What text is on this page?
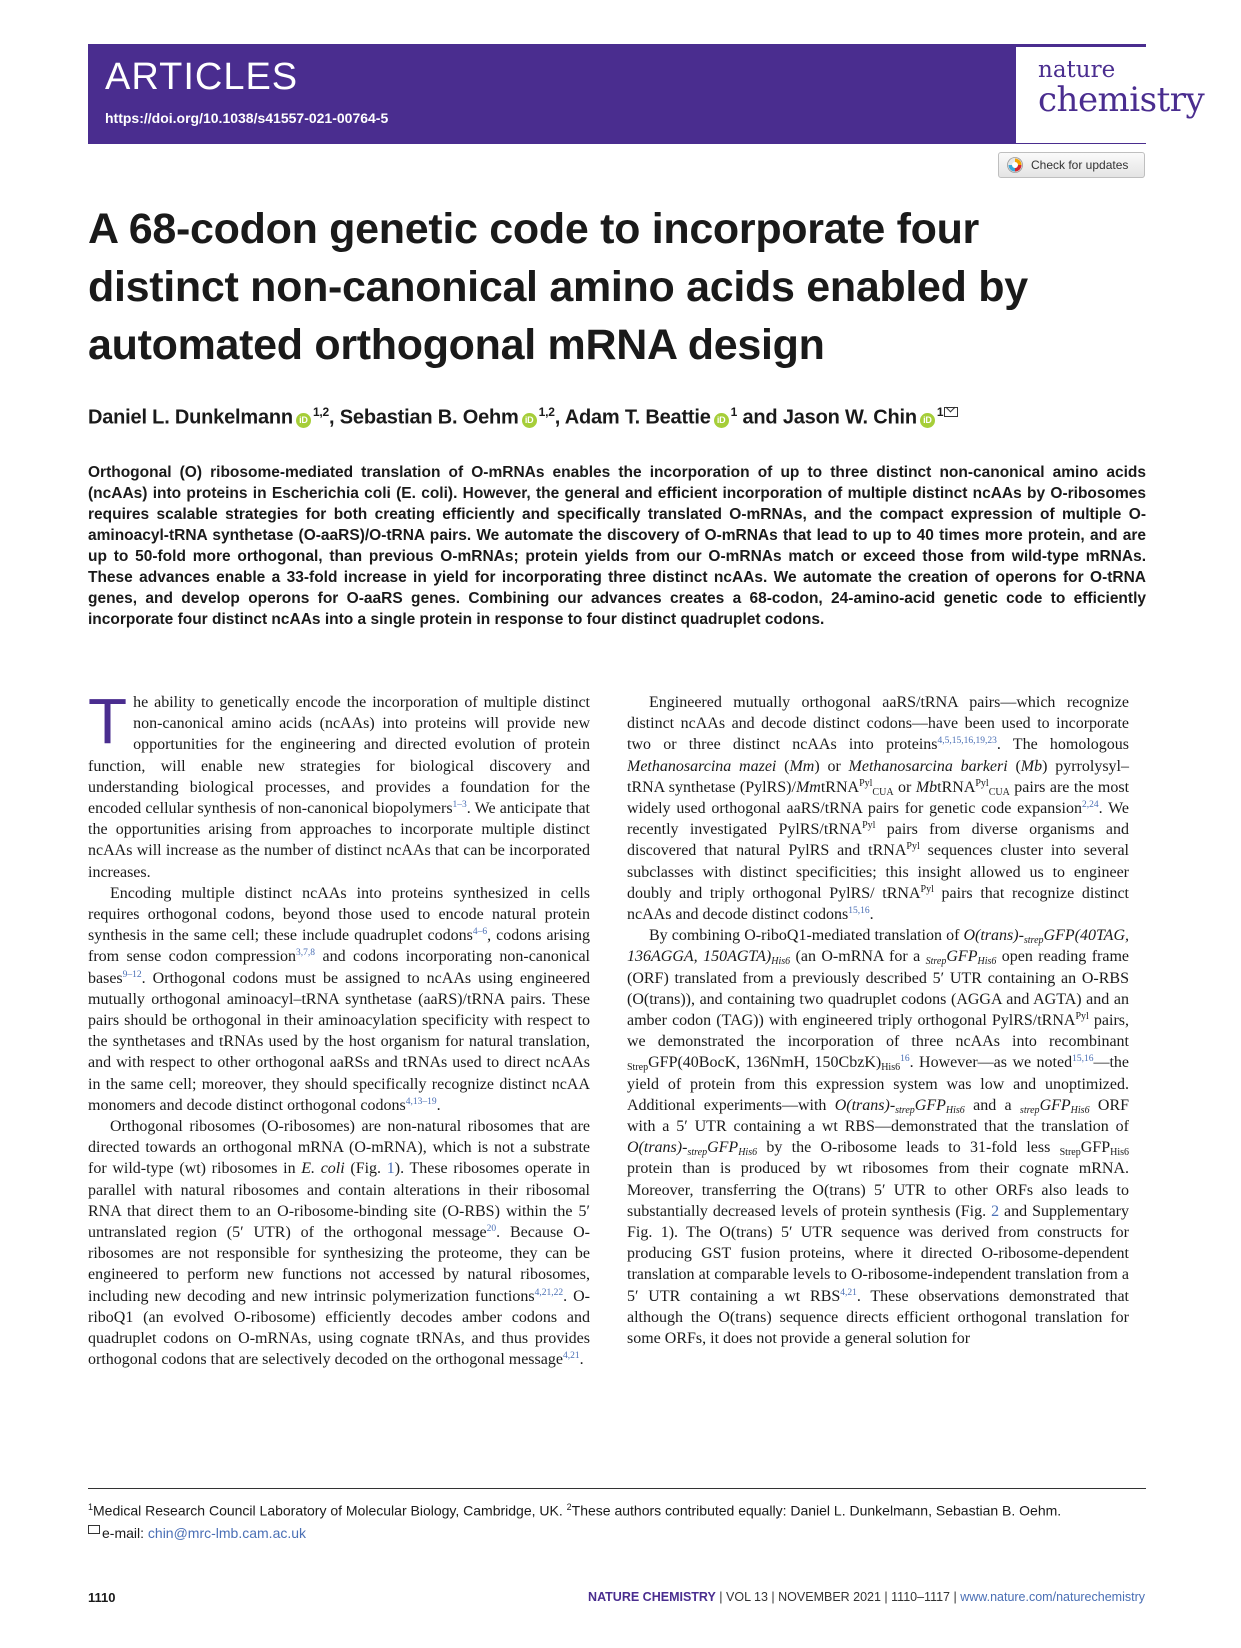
ARTICLES
https://doi.org/10.1038/s41557-021-00764-5
nature
chemistry
Check for updates
A 68-codon genetic code to incorporate four
distinct non-canonical amino acids enabled by
automated orthogonal mRNA design
Daniel L. Dunkelmann iD$^{1,2}$, Sebastian B. Oehm iD$^{1,2}$, Adam T. Beattie $iD^1$ and Jason W. Chin $iD^1$

Orthogonal (O) ribosome-mediated translation of O-mRNAs enables the incorporation of up to three distinct non-canonical amino acids (ncAAs) into proteins in Escherichia coli (E. coli). However, the general and efficient incorporation of multiple distinct ncAAs by O-ribosomes requires scalable strategies for both creating efficiently and specifically translated O-mRNAs, and the compact expression of multiple O-aminoacyl-tRNA synthetase (O-aaRS)/O-tRNA pairs. We automate the discovery of O-mRNAs that lead to up to 40 times more protein, and are up to 50-fold more orthogonal, than previous O-mRNAs; protein yields from our O-mRNAs match or exceed those from wild-type mRNAs. These advances enable a 33-fold increase in yield for incorporating three distinct ncAAs. We automate the creation of operons for O-tRNA genes, and develop operons for O-aaRS genes. Combining our advances creates a 68-codon, 24-amino-acid genetic code to efficiently incorporate four distinct ncAAs into a single protein in response to four distinct quadruplet codons.

The ability to genetically encode the incorporation of multiple distinct non-canonical amino acids (ncAAs) into proteins will provide new opportunities for the engineering and directed evolution of protein function, will enable new strategies for biological discovery and understanding biological processes, and provides a foundation for the encoded cellular synthesis of non-canonical biopolymers$^{1-3}$. We anticipate that the opportunities arising from approaches to incorporate multiple distinct ncAAs will increase as the number of distinct ncAAs that can be incorporated increases.

Encoding multiple distinct ncAAs into proteins synthesized in cells requires orthogonal codons, beyond those used to encode natural protein synthesis in the same cell; these include quadruplet codons$^{4-6}$, codons arising from sense codon compression$^{3,7,8}$ and codons incorporating non-canonical bases$^{9-12}$. Orthogonal codons must be assigned to ncAAs using engineered mutually orthogonal aminoacyl–tRNA synthetase (aaRS)/tRNA pairs. These pairs should be orthogonal in their aminoacylation specificity with respect to the synthetases and tRNAs used by the host organism for natural translation, and with respect to other orthogonal aaRSs and tRNAs used to direct ncAAs in the same cell; moreover, they should specifically recognize distinct ncAA monomers and decode distinct orthogonal codons$^{4,13-19}$.

Orthogonal ribosomes (O-ribosomes) are non-natural ribosomes that are directed towards an orthogonal mRNA (O-mRNA), which is not a substrate for wild-type (wt) ribosomes in E. coli (Fig. 1). These ribosomes operate in parallel with natural ribosomes and contain alterations in their ribosomal RNA that direct them to an O-ribosome-binding site (O-RBS) within the 5′ untranslated region (5′ UTR) of the orthogonal message$^{20}$. Because O-ribosomes are not responsible for synthesizing the proteome, they can be engineered to perform new functions not accessed by natural ribosomes, including new decoding and new intrinsic polymerization functions$^{4,21,22}$. O-riboQ1 (an evolved O-ribosome) efficiently decodes amber codons and quadruplet codons on O-mRNAs, using cognate tRNAs, and thus provides orthogonal codons that are selectively decoded on the orthogonal message$^{4,21}$.

Engineered mutually orthogonal aaRS/tRNA pairs—which recognize distinct ncAAs and decode distinct codons—have been used to incorporate two or three distinct ncAAs into proteins$^{4,5,15,16,19,23}$. The homologous Methanosarcina mazei (Mm) or Methanosarcina barkeri (Mb) pyrrolysyl–tRNA synthetase (PylRS)/MmtRNA$^{Pyl}_{CUA}$ or MbtRNA$^{Pyl}_{CUA}$ pairs are the most widely used orthogonal aaRS/tRNA pairs for genetic code expansion$^{2,24}$. We recently investigated PylRS/tRNA$^{Pyl}$ pairs from diverse organisms and discovered that natural PylRS and tRNA$^{Pyl}$ sequences cluster into several subclasses with distinct specificities; this insight allowed us to engineer doubly and triply orthogonal PylRS/ tRNA$^{Pyl}$ pairs that recognize distinct ncAAs and decode distinct codons$^{15,16}$.

By combining O-riboQ1-mediated translation of $O(trans)-_{strep}GFP(40TAG$, 136AGGA, $150AGTA)_{His6}$ (an O-mRNA for a $_{Strep}GFP_{His6}$ open reading frame (ORF) translated from a previously described 5′ UTR containing an O-RBS (O(trans)), and containing two quadruplet codons (AGGA and AGTA) and an amber codon (TAG)) with engineered triply orthogonal PylRS/tRNA$^{Pyl}$ pairs, we demonstrated the incorporation of three ncAAs into recombinant $_{Strep}$GFP(40BocK, 136NmH, $150CbzK)_{His6}^{16}$. However—as we noted$^{15,16}$—the yield of protein from this expression system was low and unoptimized. Additional experiments—with $O(trans)-_{strep}GFP_{His6}$ and a $_{strep}GFP_{His6}$ ORF with a 5′ UTR containing a wt RBS—demonstrated that the translation of $O(trans)-_{strep}GFP_{His6}$ by the O-ribosome leads to 31-fold less $_{Strep}GFP_{His6}$ protein than is produced by wt ribosomes from their cognate mRNA. Moreover, transferring the O(trans) 5′ UTR to other ORFs also leads to substantially decreased levels of protein synthesis (Fig. 2 and Supplementary Fig. 1). The O(trans) 5′ UTR sequence was derived from constructs for producing GST fusion proteins, where it directed O-ribosome-dependent translation at comparable levels to O-ribosome-independent translation from a 5′ UTR containing a wt RBS$^{4,21}$. These observations demonstrated that although the O(trans) sequence directs efficient orthogonal translation for some ORFs, it does not provide a general solution for

$^1$Medical Research Council Laboratory of Molecular Biology, Cambridge, UK. $^2$These authors contributed equally: Daniel L. Dunkelmann, Sebastian B. Oehm.
e-mail: chin@mrc-lmb.cam.ac.uk
1110	NATURE CHEMISTRY | VOL 13 | NOVEMBER 2021 | 1110–1117 | www.nature.com/naturechemistry
